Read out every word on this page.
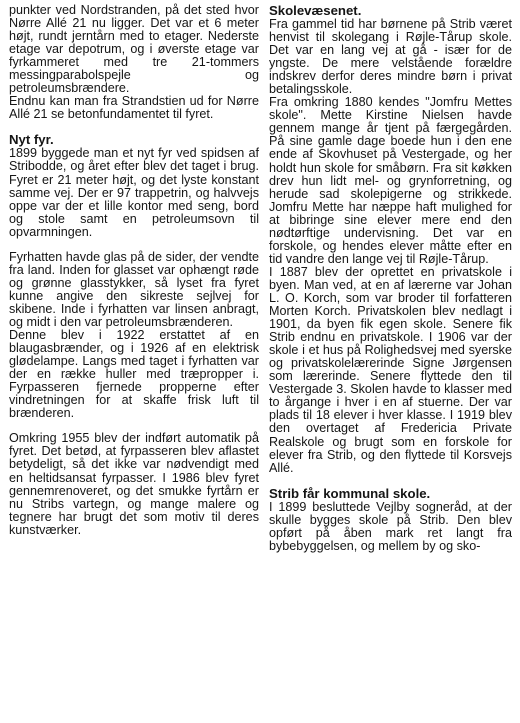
punkter ved Nordstranden, på det sted hvor Nørre Allé 21 nu ligger. Det var et 6 meter højt, rundt jerntårn med to etager. Nederste etage var depotrum, og i øverste etage var fyrkammeret med tre 21-tommers messingparabolspejle og petroleumsbrændere.

Endnu kan man fra Strandstien ud for Nørre Allé 21 se betonfundamentet til fyret.

Nyt fyr.

1899 byggede man et nyt fyr ved spidsen af Stribodde, og året efter blev det taget i brug. Fyret er 21 meter højt, og det lyste konstant samme vej. Der er 97 trappetrin, og halvvejs oppe var der et lille kontor med seng, bord og stole samt en petroleumsovn til opvarmningen.

Fyrhatten havde glas på de sider, der vendte fra land. Inden for glasset var ophængt røde og grønne glasstykker, så lyset fra fyret kunne angive den sikreste sejlvej for skibene. Inde i fyrhatten var linsen anbragt, og midt i den var petroleumsbrænderen.

Denne blev i 1922 erstattet af en blaugasbrænder, og i 1926 af en elektrisk glødelampe. Langs med taget i fyrhatten var der en række huller med træpropper i. Fyrpasseren fjernede propperne efter vindretningen for at skaffe frisk luft til brænderen.

Omkring 1955 blev der indført automatik på fyret. Det betød, at fyrpasseren blev aflastet betydeligt, så det ikke var nødvendigt med en heltidsansat fyrpasser. I 1986 blev fyret gennemrenoveret, og det smukke fyrtårn er nu Stribs vartegn, og mange malere og tegnere har brugt det som motiv til deres kunstværker.

Skolevæsenet.

Fra gammel tid har børnene på Strib været henvist til skolegang i Røjle-Tårup skole. Det var en lang vej at gå - især for de yngste. De mere velstående forældre indskrev derfor deres mindre børn i privat betalingsskole.

Fra omkring 1880 kendes "Jomfru Mettes skole". Mette Kirstine Nielsen havde gennem mange år tjent på færgegården. På sine gamle dage boede hun i den ene ende af Skovhuset på Vestergade, og her holdt hun skole for småbørn. Fra sit køkken drev hun lidt mel- og grynforretning, og herude sad skolepigerne og strikkede. Jomfru Mette har næppe haft mulighed for at bibringe sine elever mere end den nødtørftige undervisning. Det var en forskole, og hendes elever måtte efter en tid vandre den lange vej til Røjle-Tårup.

I 1887 blev der oprettet en privatskole i byen. Man ved, at en af lærerne var Johan L. O. Korch, som var broder til forfatteren Morten Korch. Privatskolen blev nedlagt i 1901, da byen fik egen skole. Senere fik Strib endnu en privatskole. I 1906 var der skole i et hus på Rolighedsvej med syerske og privatskolelærerinde Signe Jørgensen som lærerinde. Senere flyttede den til Vestergade 3. Skolen havde to klasser med to årgange i hver i en af stuerne. Der var plads til 18 elever i hver klasse. I 1919 blev den overtaget af Fredericia Private Realskole og brugt som en forskole for elever fra Strib, og den flyttede til Korsvejs Allé.

Strib får kommunal skole.

I 1899 besluttede Vejlby sogneråd, at der skulle bygges skole på Strib. Den blev opført på åben mark ret langt fra bybebyggelsen, og mellem by og sko-
